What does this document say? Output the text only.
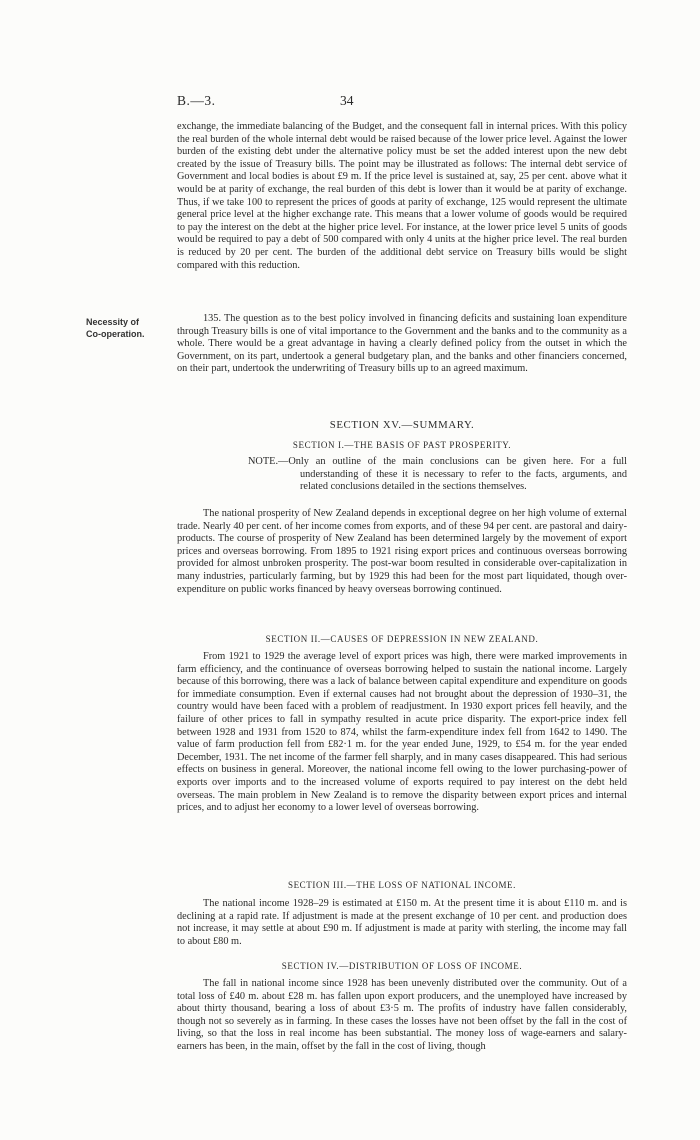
B.—3.	34
Necessity of
Co-operation.

exchange, the immediate balancing of the Budget, and the consequent fall in internal prices. With this policy the real burden of the whole internal debt would be raised because of the lower price level. Against the lower burden of the existing debt under the alternative policy must be set the added interest upon the new debt created by the issue of Treasury bills. The point may be illustrated as follows: The internal debt service of Government and local bodies is about £9 m. If the price level is sustained at, say, 25 per cent. above what it would be at parity of exchange, the real burden of this debt is lower than it would be at parity of exchange. Thus, if we take 100 to represent the prices of goods at parity of exchange, 125 would represent the ultimate general price level at the higher exchange rate. This means that a lower volume of goods would be required to pay the interest on the debt at the higher price level. For instance, at the lower price level 5 units of goods would be required to pay a debt of 500 compared with only 4 units at the higher price level. The real burden is reduced by 20 per cent. The burden of the additional debt service on Treasury bills would be slight compared with this reduction.

135. The question as to the best policy involved in financing deficits and sustaining loan expenditure through Treasury bills is one of vital importance to the Government and the banks and to the community as a whole. There would be a great advantage in having a clearly defined policy from the outset in which the Government, on its part, undertook a general budgetary plan, and the banks and other financiers concerned, on their part, undertook the underwriting of Treasury bills up to an agreed maximum.

SECTION XV.—SUMMARY.
SECTION I.—THE BASIS OF PAST PROSPERITY.

NOTE.—Only an outline of the main conclusions can be given here. For a full understanding of these it is necessary to refer to the facts, arguments, and related conclusions detailed in the sections themselves.

The national prosperity of New Zealand depends in exceptional degree on her high volume of external trade. Nearly 40 per cent. of her income comes from exports, and of these 94 per cent. are pastoral and dairy-products. The course of prosperity of New Zealand has been determined largely by the movement of export prices and overseas borrowing. From 1895 to 1921 rising export prices and continuous overseas borrowing provided for almost unbroken prosperity. The post-war boom resulted in considerable over-capitalization in many industries, particularly farming, but by 1929 this had been for the most part liquidated, though over-expenditure on public works financed by heavy overseas borrowing continued.

SECTION II.—CAUSES OF DEPRESSION IN NEW ZEALAND.

From 1921 to 1929 the average level of export prices was high, there were marked improvements in farm efficiency, and the continuance of overseas borrowing helped to sustain the national income. Largely because of this borrowing, there was a lack of balance between capital expenditure and expenditure on goods for immediate consumption. Even if external causes had not brought about the depression of 1930–31, the country would have been faced with a problem of readjustment. In 1930 export prices fell heavily, and the failure of other prices to fall in sympathy resulted in acute price disparity. The export-price index fell between 1928 and 1931 from 1520 to 874, whilst the farm-expenditure index fell from 1642 to 1490. The value of farm production fell from £82·1 m. for the year ended June, 1929, to £54 m. for the year ended December, 1931. The net income of the farmer fell sharply, and in many cases disappeared. This had serious effects on business in general. Moreover, the national income fell owing to the lower purchasing-power of exports over imports and to the increased volume of exports required to pay interest on the debt held overseas. The main problem in New Zealand is to remove the disparity between export prices and internal prices, and to adjust her economy to a lower level of overseas borrowing.

SECTION III.—THE LOSS OF NATIONAL INCOME.

The national income 1928–29 is estimated at £150 m. At the present time it is about £110 m. and is declining at a rapid rate. If adjustment is made at the present exchange of 10 per cent. and production does not increase, it may settle at about £90 m. If adjustment is made at parity with sterling, the income may fall to about £80 m.

SECTION IV.—DISTRIBUTION OF LOSS OF INCOME.

The fall in national income since 1928 has been unevenly distributed over the community. Out of a total loss of £40 m. about £28 m. has fallen upon export producers, and the unemployed have increased by about thirty thousand, bearing a loss of about £3·5 m. The profits of industry have fallen considerably, though not so severely as in farming. In these cases the losses have not been offset by the fall in the cost of living, so that the loss in real income has been substantial. The money loss of wage-earners and salary-earners has been, in the main, offset by the fall in the cost of living, though
